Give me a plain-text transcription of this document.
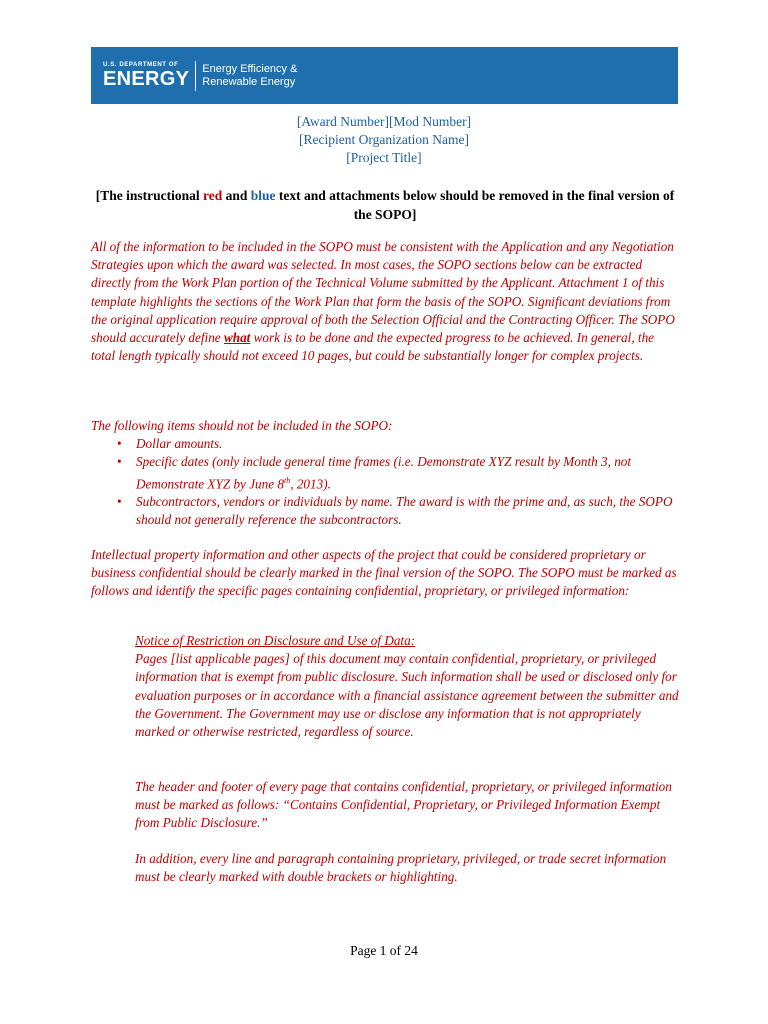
U.S. DEPARTMENT OF
ENERGY Energy Efficiency &
Renewable Energy
[Award Number][Mod Number]
[Recipient Organization Name]
[Project Title]
[The instructional red and blue text and attachments below should be removed in the final version of the SOPO]

All of the information to be included in the SOPO must be consistent with the Application and any Negotiation Strategies upon which the award was selected. In most cases, the SOPO sections below can be extracted directly from the Work Plan portion of the Technical Volume submitted by the Applicant. Attachment 1 of this template highlights the sections of the Work Plan that form the basis of the SOPO. Significant deviations from the original application require approval of both the Selection Official and the Contracting Officer. The SOPO should accurately define what work is to be done and the expected progress to be achieved. In general, the total length typically should not exceed 10 pages, but could be substantially longer for complex projects.

The following items should not be included in the SOPO:

• Dollar amounts.
• Specific dates (only include general time frames (i.e. Demonstrate XYZ result by Month 3, not Demonstrate XYZ by June 8th, 2013).
• Subcontractors, vendors or individuals by name. The award is with the prime and, as such, the SOPO should not generally reference the subcontractors.

Intellectual property information and other aspects of the project that could be considered proprietary or business confidential should be clearly marked in the final version of the SOPO. The SOPO must be marked as follows and identify the specific pages containing confidential, proprietary, or privileged information:

Notice of Restriction on Disclosure and Use of Data:

Pages [list applicable pages] of this document may contain confidential, proprietary, or privileged information that is exempt from public disclosure. Such information shall be used or disclosed only for evaluation purposes or in accordance with a financial assistance agreement between the submitter and the Government. The Government may use or disclose any information that is not appropriately marked or otherwise restricted, regardless of source.

The header and footer of every page that contains confidential, proprietary, or privileged information must be marked as follows: “Contains Confidential, Proprietary, or Privileged Information Exempt from Public Disclosure.”

In addition, every line and paragraph containing proprietary, privileged, or trade secret information must be clearly marked with double brackets or highlighting.

Page 1 of 24
